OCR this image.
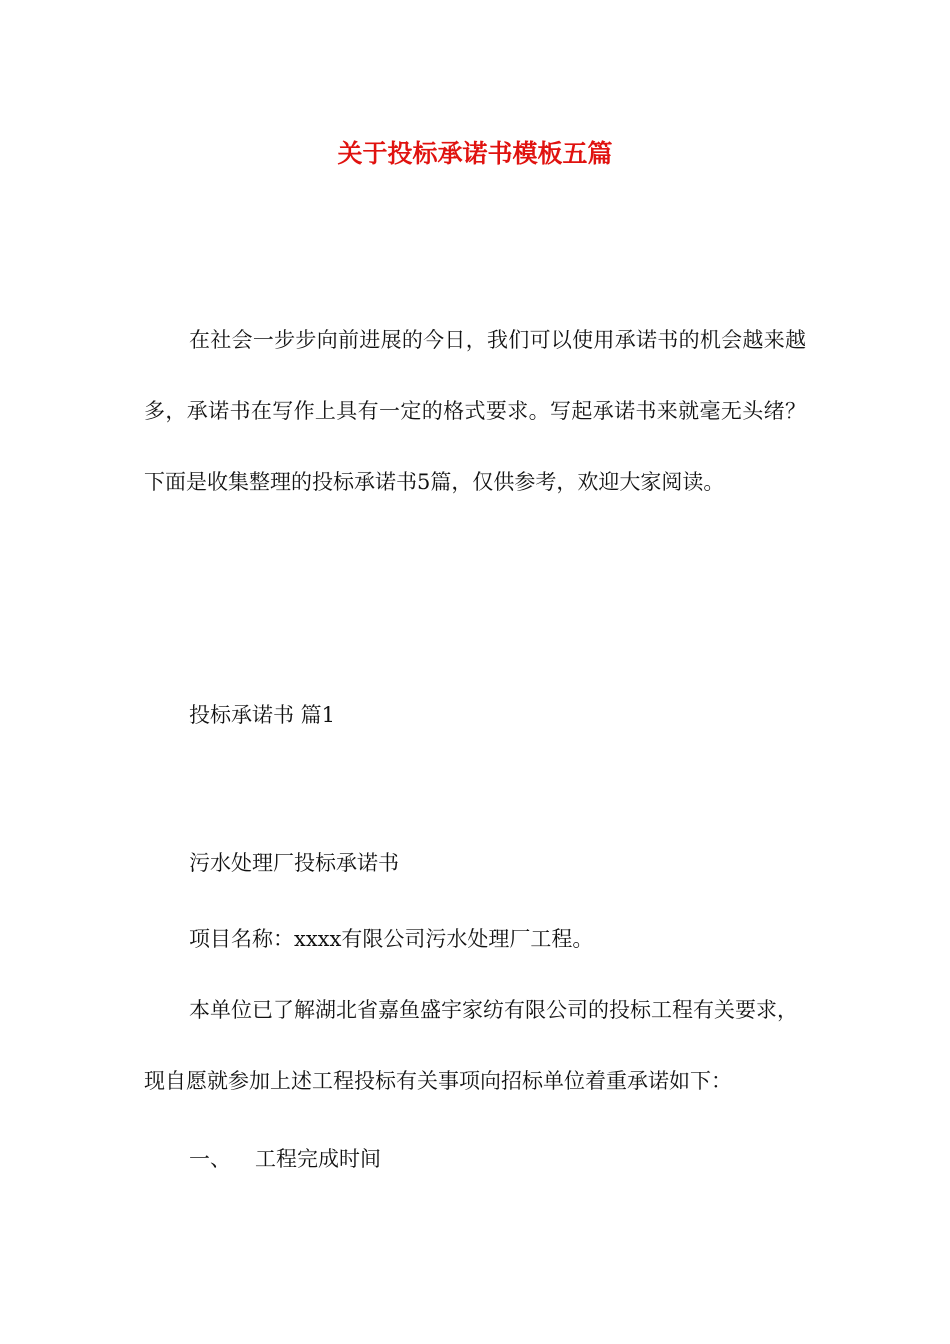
关于投标承诺书模板五篇

在社会一步步向前进展的今日，我们可以使用承诺书的机会越来越多，承诺书在写作上具有一定的格式要求。写起承诺书来就毫无头绪？下面是收集整理的投标承诺书5篇，仅供参考，欢迎大家阅读。

投标承诺书 篇1

污水处理厂投标承诺书

项目名称：xxxx有限公司污水处理厂工程。

本单位已了解湖北省嘉鱼盛宇家纺有限公司的投标工程有关要求，现自愿就参加上述工程投标有关事项向招标单位着重承诺如下：

一、 工程完成时间
